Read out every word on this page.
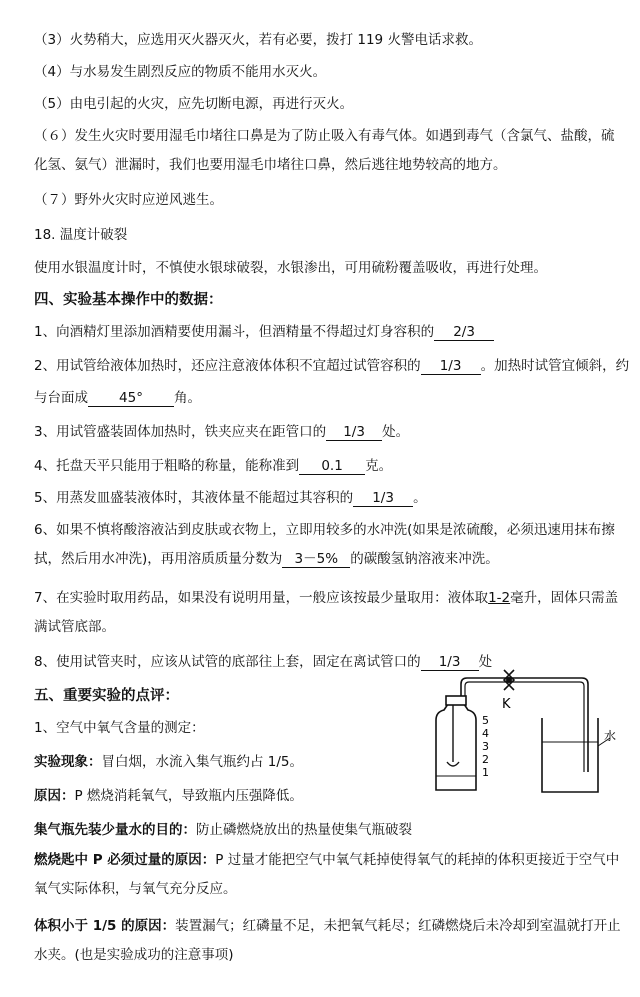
（3）火势稍大，应选用灭火器灭火，若有必要，拨打 119 火警电话求救。
（4）与水易发生剧烈反应的物质不能用水灭火。
（5）由电引起的火灾，应先切断电源，再进行灭火。
（６）发生火灾时要用湿毛巾堵往口鼻是为了防止吸入有毒气体。如遇到毒气（含氯气、盐酸，硫化氢、氨气）泄漏时，我们也要用湿毛巾堵往口鼻，然后逃往地势较高的地方。
（７）野外火灾时应逆风逃生。
18. 温度计破裂
使用水银温度计时，不慎使水银球破裂，水银渗出，可用硫粉覆盖吸收，再进行处理。
四、实验基本操作中的数据：
1、向酒精灯里添加酒精要使用漏斗，但酒精量不得超过灯身容积的 2/3
2、用试管给液体加热时，还应注意液体体积不宜超过试管容积的 1/3 。加热时试管宜倾斜，约
与台面成 45° 角。
3、用试管盛装固体加热时，铁夹应夹在距管口的 1/3 处。
4、托盘天平只能用于粗略的称量，能称准到 0.1 克。
5、用蒸发皿盛装液体时，其液体量不能超过其容积的 1/3 。
6、如果不慎将酸溶液沾到皮肤或衣物上，立即用较多的水冲洗(如果是浓硫酸，必须迅速用抹布擦拭，然后用水冲洗)，再用溶质质量分数为 3－5% 的碳酸氢钠溶液来冲洗。
7、在实验时取用药品，如果没有说明用量，一般应该按最少量取用：液体取1-2毫升，固体只需盖满试管底部。
8、使用试管夹时，应该从试管的底部往上套，固定在离试管口的 1/3 处
五、重要实验的点评：
1、空气中氧气含量的测定：
实验现象：冒白烟，水流入集气瓶约占 1/5。
原因：P 燃烧消耗氧气，导致瓶内压强降低。
集气瓶先装少量水的目的：防止磷燃烧放出的热量使集气瓶破裂
燃烧匙中 P 必须过量的原因：P 过量才能把空气中氧气耗掉使得氧气的耗掉的体积更接近于空气中氧气实际体积，与氧气充分反应。
体积小于 1/5 的原因：装置漏气；红磷量不足，未把氧气耗尽；红磷燃烧后未冷却到室温就打开止水夹。(也是实验成功的注意事项)
5
4
3
2
1
K
水
